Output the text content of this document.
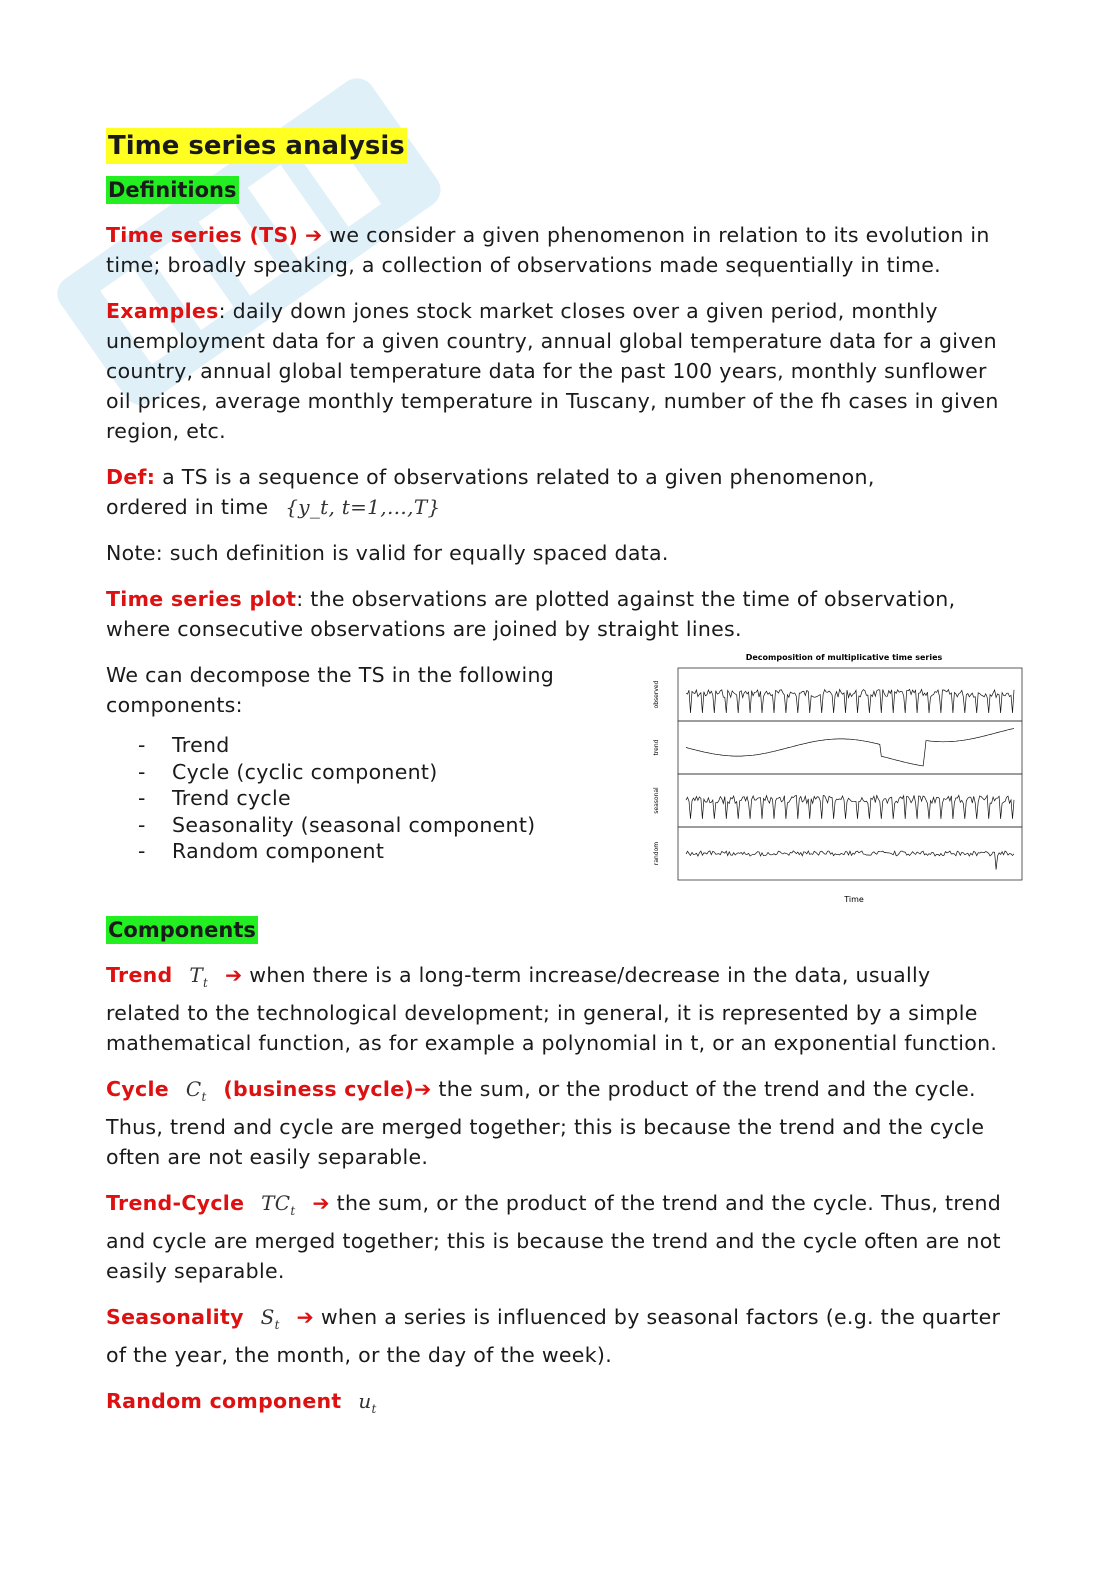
Time series analysis
Definitions

Time series (TS) ➔ we consider a given phenomenon in relation to its evolution in time; broadly speaking, a collection of observations made sequentially in time.

Examples: daily down jones stock market closes over a given period, monthly unemployment data for a given country, annual global temperature data for a given country, annual global temperature data for the past 100 years, monthly sunflower oil prices, average monthly temperature in Tuscany, number of the fh cases in given region, etc.

Def: a TS is a sequence of observations related to a given phenomenon,
ordered in time {y_t, t=1,…,T}

Note: such definition is valid for equally spaced data.

Time series plot: the observations are plotted against the time of observation, where consecutive observations are joined by straight lines.

We can decompose the TS in the following components:

- Trend
- Cycle (cyclic component)
- Trend cycle
- Seasonality (seasonal component)
- Random component
Decomposition of multiplicative time series
observed
trend
seasonal
random
Time
Components

Trend $T_t$ ➔ when there is a long-term increase/decrease in the data, usually related to the technological development; in general, it is represented by a simple mathematical function, as for example a polynomial in t, or an exponential function.

Cycle $C_t$ (business cycle)➔ the sum, or the product of the trend and the cycle. Thus, trend and cycle are merged together; this is because the trend and the cycle often are not easily separable.

Trend-Cycle $TC_t$ ➔ the sum, or the product of the trend and the cycle. Thus, trend and cycle are merged together; this is because the trend and the cycle often are not easily separable.

Seasonality $S_t$ ➔ when a series is influenced by seasonal factors (e.g. the quarter of the year, the month, or the day of the week).

Random component $u_t$
